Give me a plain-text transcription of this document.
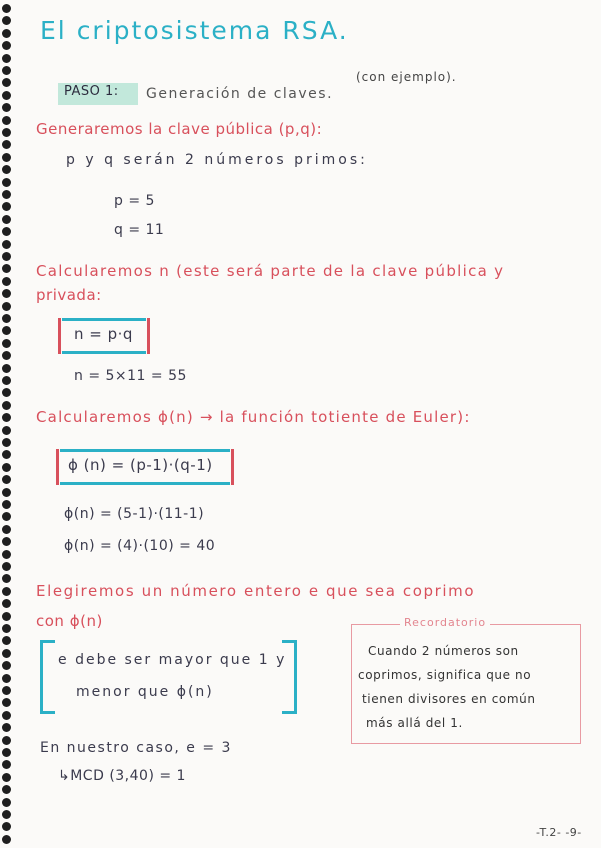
El criptosistema RSA.
(con ejemplo).
PASO 1: Generación de claves.
Generaremos la clave pública (p,q):
p y q serán 2 números primos:
p = 5
q = 11
Calcularemos n (este será parte de la clave pública y
privada:
n = p·q
n = 5×11 = 55
Calcularemos ϕ(n) → la función totiente de Euler):
ϕ (n) = (p-1)·(q-1)
ϕ(n) = (5-1)·(11-1)
ϕ(n) = (4)·(10) = 40
Elegiremos un número entero e que sea coprimo
con ϕ(n)
e debe ser mayor que 1 y
menor que ϕ(n)
En nuestro caso, e = 3
↳MCD (3,40) = 1
Recordatorio
Cuando 2 números son
coprimos, significa que no
tienen divisores en común
más allá del 1.
-T.2- -9-
